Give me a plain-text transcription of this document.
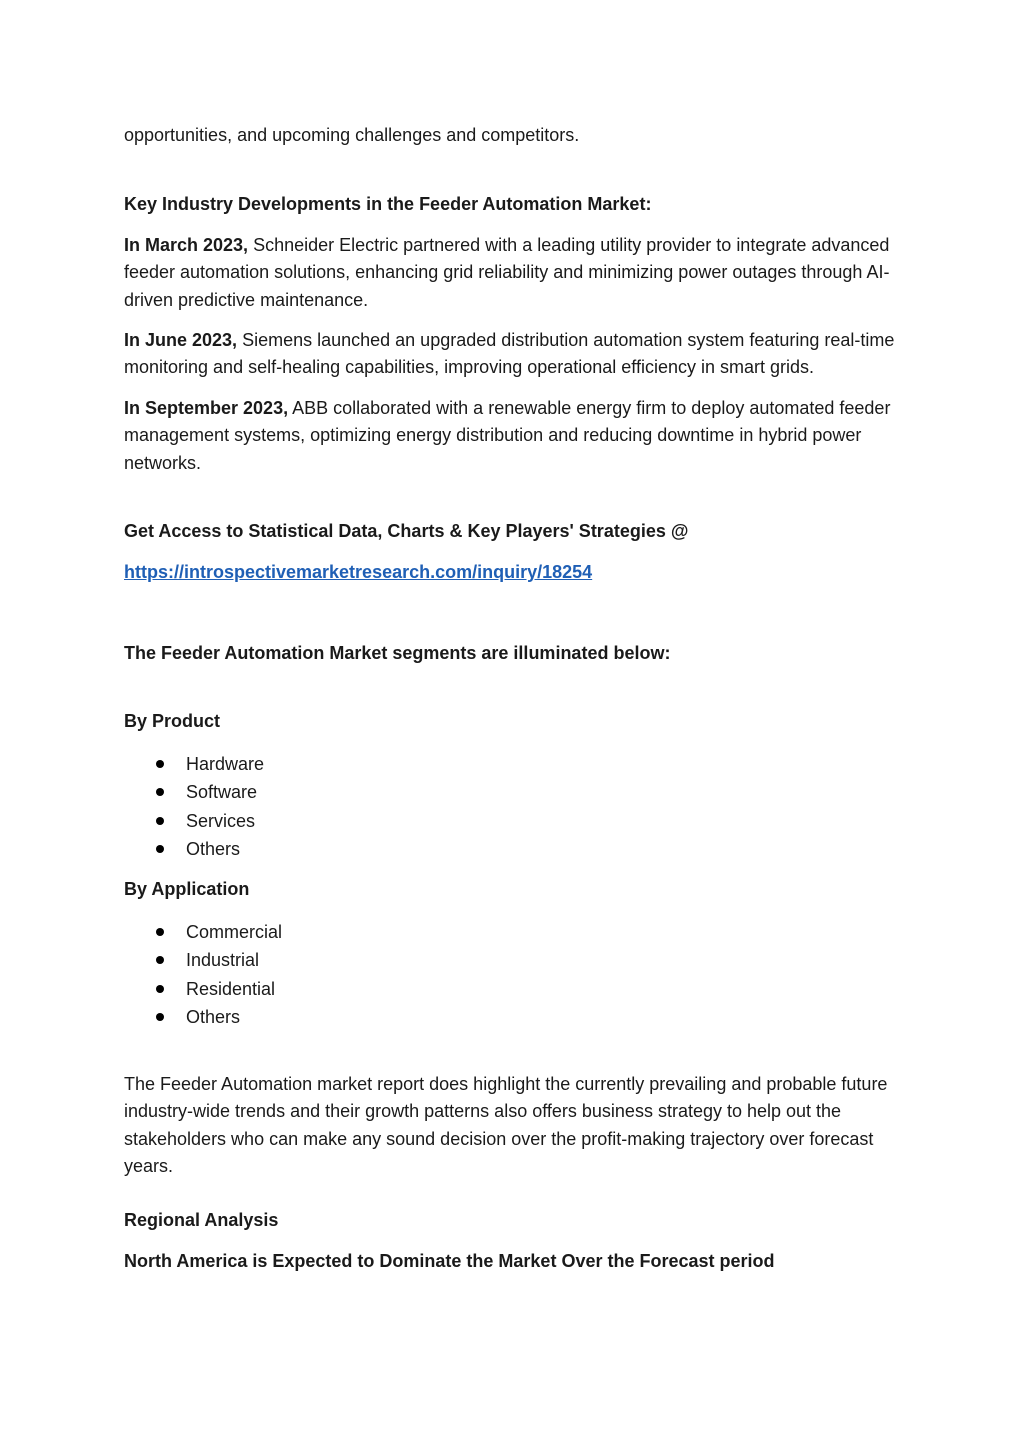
opportunities, and upcoming challenges and competitors.
Key Industry Developments in the Feeder Automation Market:
In March 2023, Schneider Electric partnered with a leading utility provider to integrate advanced feeder automation solutions, enhancing grid reliability and minimizing power outages through AI-driven predictive maintenance.
In June 2023, Siemens launched an upgraded distribution automation system featuring real-time monitoring and self-healing capabilities, improving operational efficiency in smart grids.
In September 2023, ABB collaborated with a renewable energy firm to deploy automated feeder management systems, optimizing energy distribution and reducing downtime in hybrid power networks.
Get Access to Statistical Data, Charts & Key Players' Strategies @
https://introspectivemarketresearch.com/inquiry/18254
The Feeder Automation Market segments are illuminated below:
By Product
Hardware
Software
Services
Others
By Application
Commercial
Industrial
Residential
Others
The Feeder Automation market report does highlight the currently prevailing and probable future industry-wide trends and their growth patterns also offers business strategy to help out the stakeholders who can make any sound decision over the profit-making trajectory over forecast years.
Regional Analysis
North America is Expected to Dominate the Market Over the Forecast period
